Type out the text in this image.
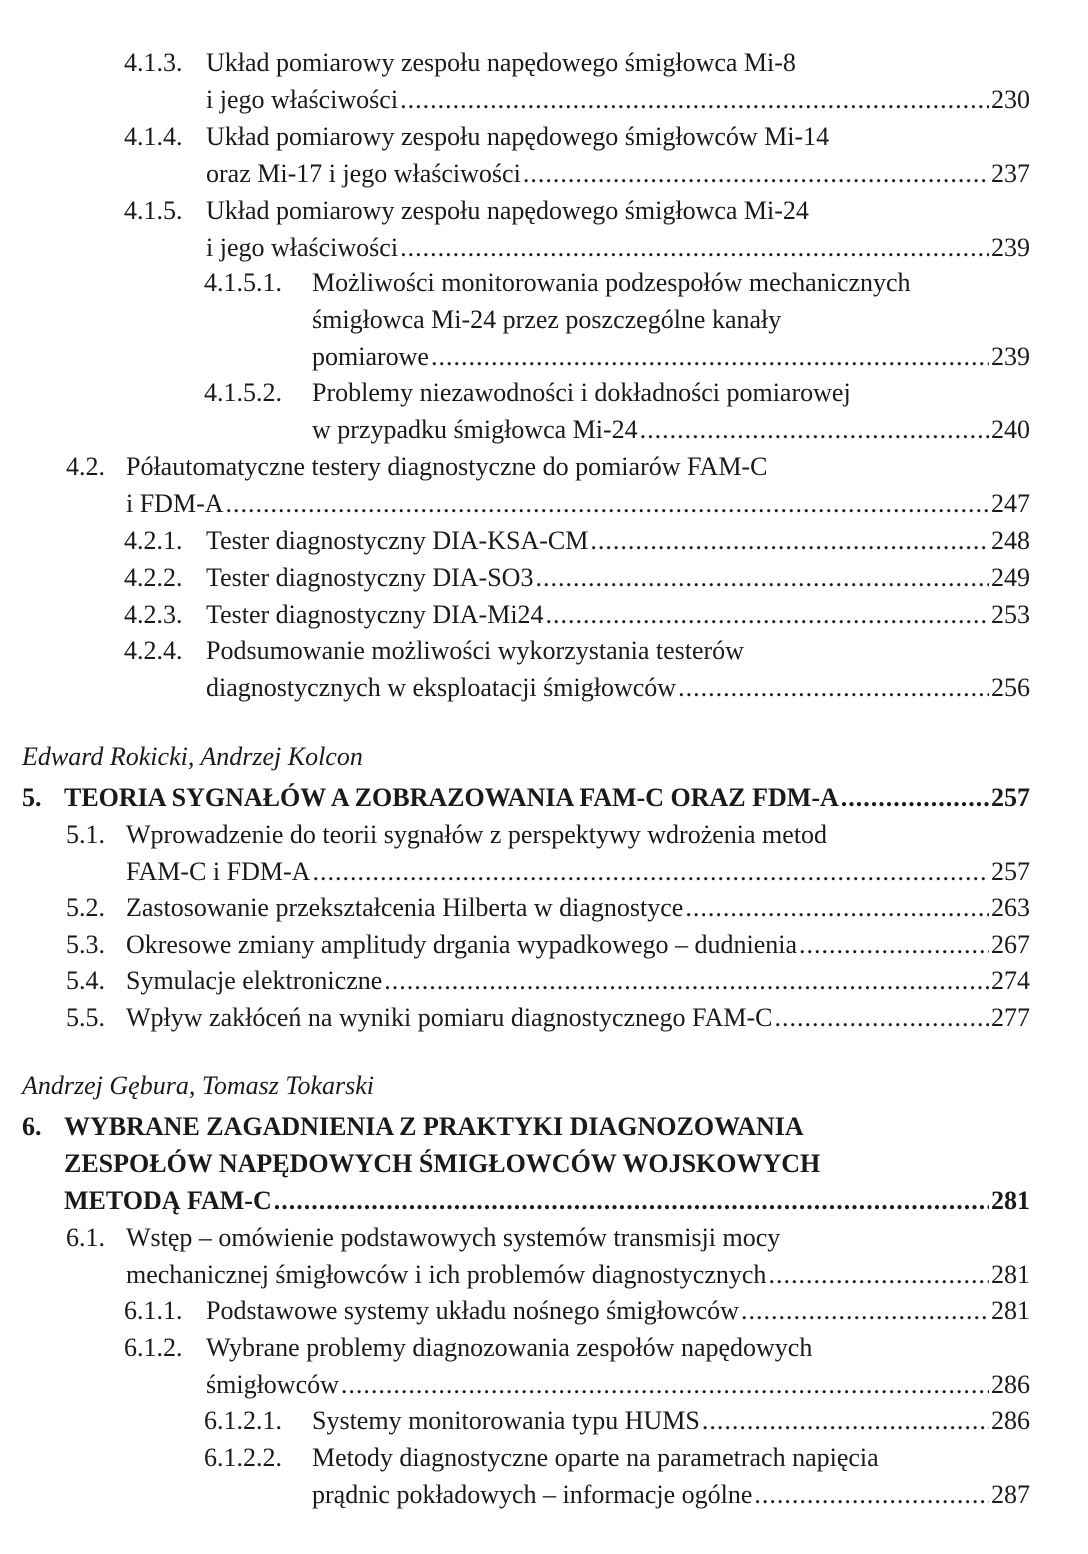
4.1.3. Układ pomiarowy zespołu napędowego śmigłowca Mi-8
i jego właściwości .....	230
4.1.4. Układ pomiarowy zespołu napędowego śmigłowców Mi-14
oraz Mi-17 i jego właściwości .....	237
4.1.5. Układ pomiarowy zespołu napędowego śmigłowca Mi-24
i jego właściwości .....	239
4.1.5.1. Możliwości monitorowania podzespołów mechanicznych
śmigłowca Mi-24 przez poszczególne kanały
pomiarowe .....	239
4.1.5.2. Problemy niezawodności i dokładności pomiarowej
w przypadku śmigłowca Mi-24 .....	240
4.2. Półautomatyczne testery diagnostyczne do pomiarów FAM-C
i FDM-A .....	247
4.2.1. Tester diagnostyczny DIA-KSA-CM .....	248
4.2.2. Tester diagnostyczny DIA-SO3 .....	249
4.2.3. Tester diagnostyczny DIA-Mi24 .....	253
4.2.4. Podsumowanie możliwości wykorzystania testerów
diagnostycznych w eksploatacji śmigłowców .....	256
Edward Rokicki, Andrzej Kolcon
5. TEORIA SYGNAŁÓW A ZOBRAZOWANIA FAM-C ORAZ FDM-A .....	257
5.1. Wprowadzenie do teorii sygnałów z perspektywy wdrożenia metod
FAM-C i FDM-A .....	257
5.2. Zastosowanie przekształcenia Hilberta w diagnostyce .....	263
5.3. Okresowe zmiany amplitudy drgania wypadkowego – dudnienia .....	267
5.4. Symulacje elektroniczne .....	274
5.5. Wpływ zakłóceń na wyniki pomiaru diagnostycznego FAM-C .....	277
Andrzej Gębura, Tomasz Tokarski
6. WYBRANE ZAGADNIENIA Z PRAKTYKI DIAGNOZOWANIA
ZESPOŁÓW NAPĘDOWYCH ŚMIGŁOWCÓW WOJSKOWYCH
METODĄ FAM-C .....	281
6.1. Wstęp – omówienie podstawowych systemów transmisji mocy
mechanicznej śmigłowców i ich problemów diagnostycznych .....	281
6.1.1. Podstawowe systemy układu nośnego śmigłowców .....	281
6.1.2. Wybrane problemy diagnozowania zespołów napędowych
śmigłowców .....	286
6.1.2.1. Systemy monitorowania typu HUMS .....	286
6.1.2.2. Metody diagnostyczne oparte na parametrach napięcia
prądnic pokładowych – informacje ogólne .....	287
